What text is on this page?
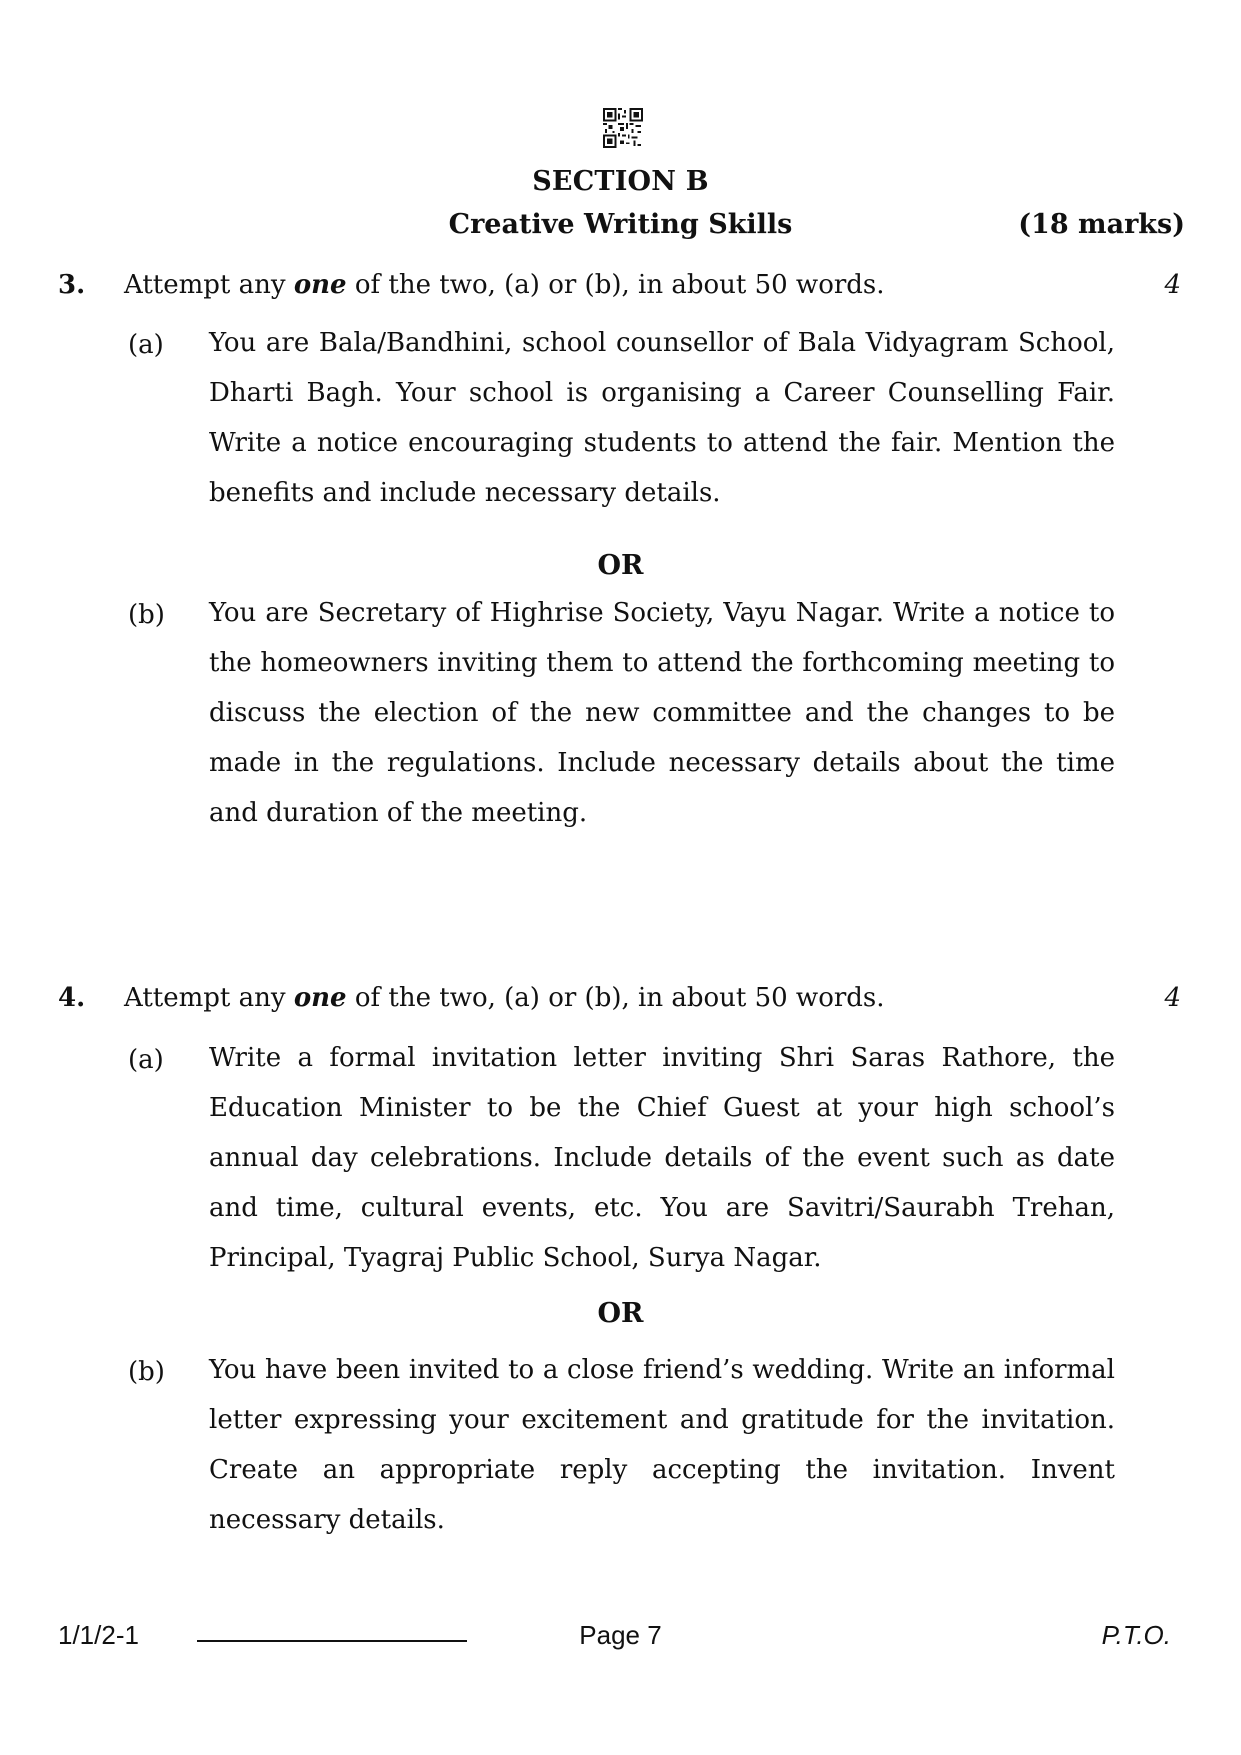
SECTION B
Creative Writing Skills	(18 marks)
3. Attempt any one of the two, (a) or (b), in about 50 words.	4
(a) You are Bala/Bandhini, school counsellor of Bala Vidyagram School, Dharti Bagh. Your school is organising a Career Counselling Fair. Write a notice encouraging students to attend the fair. Mention the benefits and include necessary details.
OR
(b) You are Secretary of Highrise Society, Vayu Nagar. Write a notice to the homeowners inviting them to attend the forthcoming meeting to discuss the election of the new committee and the changes to be made in the regulations. Include necessary details about the time and duration of the meeting.
4. Attempt any one of the two, (a) or (b), in about 50 words.	4
(a) Write a formal invitation letter inviting Shri Saras Rathore, the Education Minister to be the Chief Guest at your high school’s annual day celebrations. Include details of the event such as date and time, cultural events, etc. You are Savitri/Saurabh Trehan, Principal, Tyagraj Public School, Surya Nagar.
OR
(b) You have been invited to a close friend’s wedding. Write an informal letter expressing your excitement and gratitude for the invitation. Create an appropriate reply accepting the invitation. Invent necessary details.
1/1/2-1	Page 7	P.T.O.
